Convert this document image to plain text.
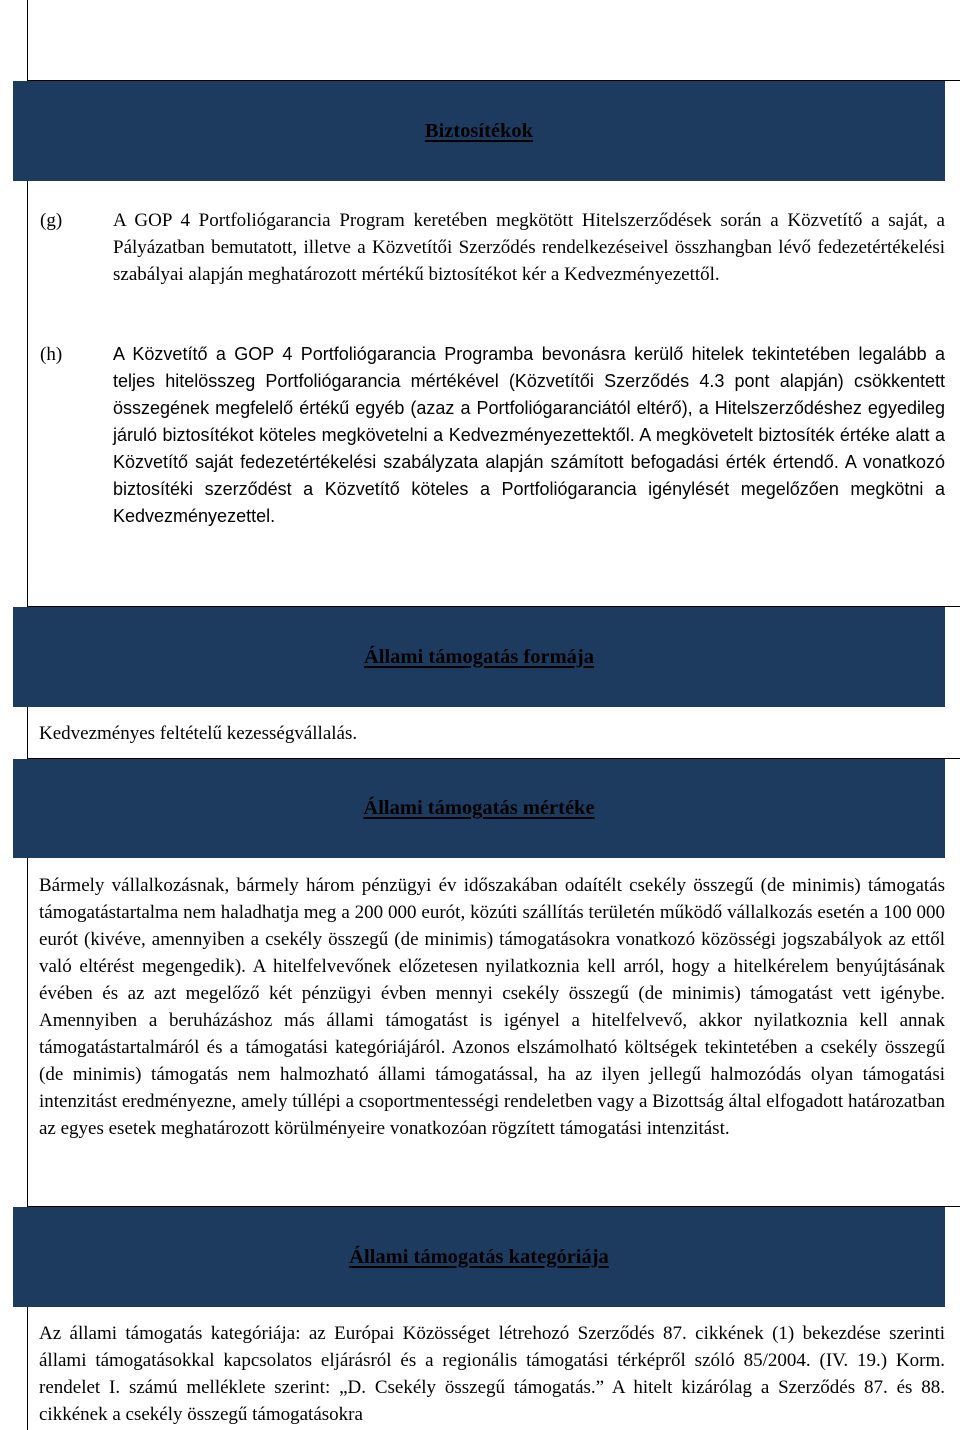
Biztosítékok
(g)	A GOP 4 Portfoliógarancia Program keretében megkötött Hitelszerződések során a Közvetítő a saját, a Pályázatban bemutatott, illetve a Közvetítői Szerződés rendelkezéseivel összhangban lévő fedezetértékelési szabályai alapján meghatározott mértékű biztosítékot kér a Kedvezményezettől.

(h)	A Közvetítő a GOP 4 Portfoliógarancia Programba bevonásra kerülő hitelek tekintetében legalább a teljes hitelösszeg Portfoliógarancia mértékével (Közvetítői Szerződés 4.3 pont alapján) csökkentett összegének megfelelő értékű egyéb (azaz a Portfoliógaranciától eltérő), a Hitelszerződéshez egyedileg járuló biztosítékot köteles megkövetelni a Kedvezményezettektől. A megkövetelt biztosíték értéke alatt a Közvetítő saját fedezetértékelési szabályzata alapján számított befogadási érték értendő. A vonatkozó biztosítéki szerződést a Közvetítő köteles a Portfoliógarancia igénylését megelőzően megkötni a Kedvezményezettel.

Állami támogatás formája

Kedvezményes feltételű kezességvállalás.

Állami támogatás mértéke

Bármely vállalkozásnak, bármely három pénzügyi év időszakában odaítélt csekély összegű (de minimis) támogatás támogatástartalma nem haladhatja meg a 200 000 eurót, közúti szállítás területén működő vállalkozás esetén a 100 000 eurót (kivéve, amennyiben a csekély összegű (de minimis) támogatásokra vonatkozó közösségi jogszabályok az ettől való eltérést megengedik). A hitelfelvevőnek előzetesen nyilatkoznia kell arról, hogy a hitelkérelem benyújtásának évében és az azt megelőző két pénzügyi évben mennyi csekély összegű (de minimis) támogatást vett igénybe. Amennyiben a beruházáshoz más állami támogatást is igényel a hitelfelvevő, akkor nyilatkoznia kell annak támogatástartalmáról és a támogatási kategóriájáról. Azonos elszámolható költségek tekintetében a csekély összegű (de minimis) támogatás nem halmozható állami támogatással, ha az ilyen jellegű halmozódás olyan támogatási intenzitást eredményezne, amely túllépi a csoportmentességi rendeletben vagy a Bizottság által elfogadott határozatban az egyes esetek meghatározott körülményeire vonatkozóan rögzített támogatási intenzitást.

Állami támogatás kategóriája

Az állami támogatás kategóriája: az Európai Közösséget létrehozó Szerződés 87. cikkének (1) bekezdése szerinti állami támogatásokkal kapcsolatos eljárásról és a regionális támogatási térképről szóló 85/2004. (IV. 19.) Korm. rendelet I. számú melléklete szerint: „D. Csekély összegű támogatás.” A hitelt kizárólag a Szerződés 87. és 88. cikkének a csekély összegű támogatásokra
